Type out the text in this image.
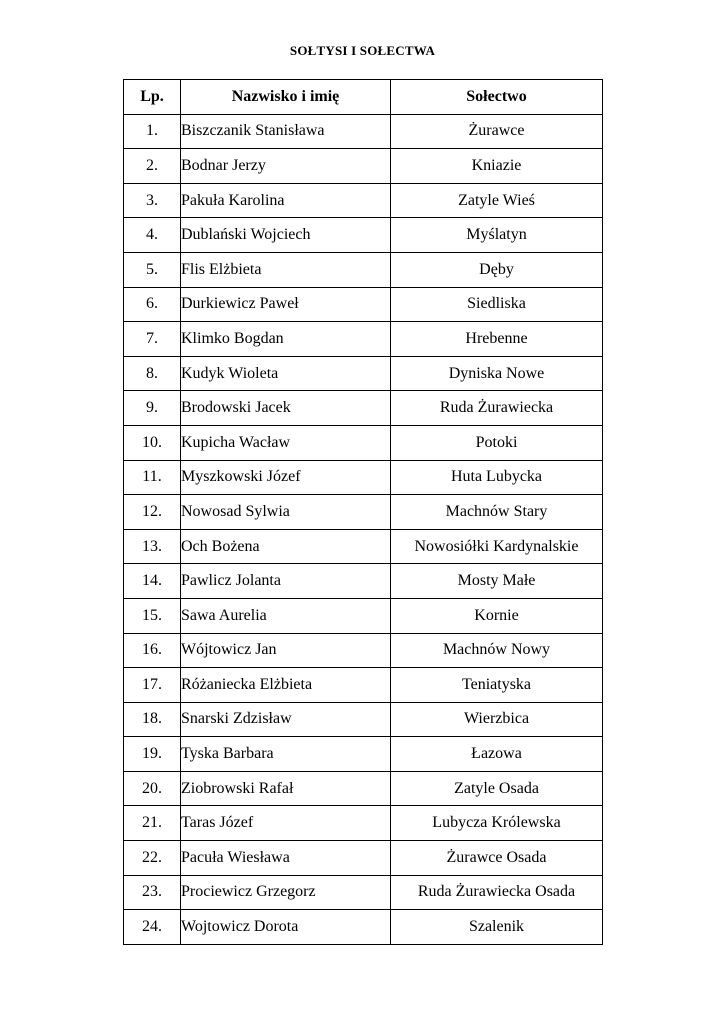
SOŁTYSI I SOŁECTWA
Lp.	Nazwisko i imię	Sołectwo
1.	Biszczanik Stanisława	Żurawce
2.	Bodnar Jerzy	Kniazie
3.	Pakuła Karolina	Zatyle Wieś
4.	Dublański Wojciech	Myślatyn
5.	Flis Elżbieta	Dęby
6.	Durkiewicz Paweł	Siedliska
7.	Klimko Bogdan	Hrebenne
8.	Kudyk Wioleta	Dyniska Nowe
9.	Brodowski Jacek	Ruda Żurawiecka
10.	Kupicha Wacław	Potoki
11.	Myszkowski Józef	Huta Lubycka
12.	Nowosad Sylwia	Machnów Stary
13.	Och Bożena	Nowosiółki Kardynalskie
14.	Pawlicz Jolanta	Mosty Małe
15.	Sawa Aurelia	Kornie
16.	Wójtowicz Jan	Machnów Nowy
17.	Różaniecka Elżbieta	Teniatyska
18.	Snarski Zdzisław	Wierzbica
19.	Tyska Barbara	Łazowa
20.	Ziobrowski Rafał	Zatyle Osada
21.	Taras Józef	Lubycza Królewska
22.	Pacuła Wiesława	Żurawce Osada
23.	Prociewicz Grzegorz	Ruda Żurawiecka Osada
24.	Wojtowicz Dorota	Szalenik
